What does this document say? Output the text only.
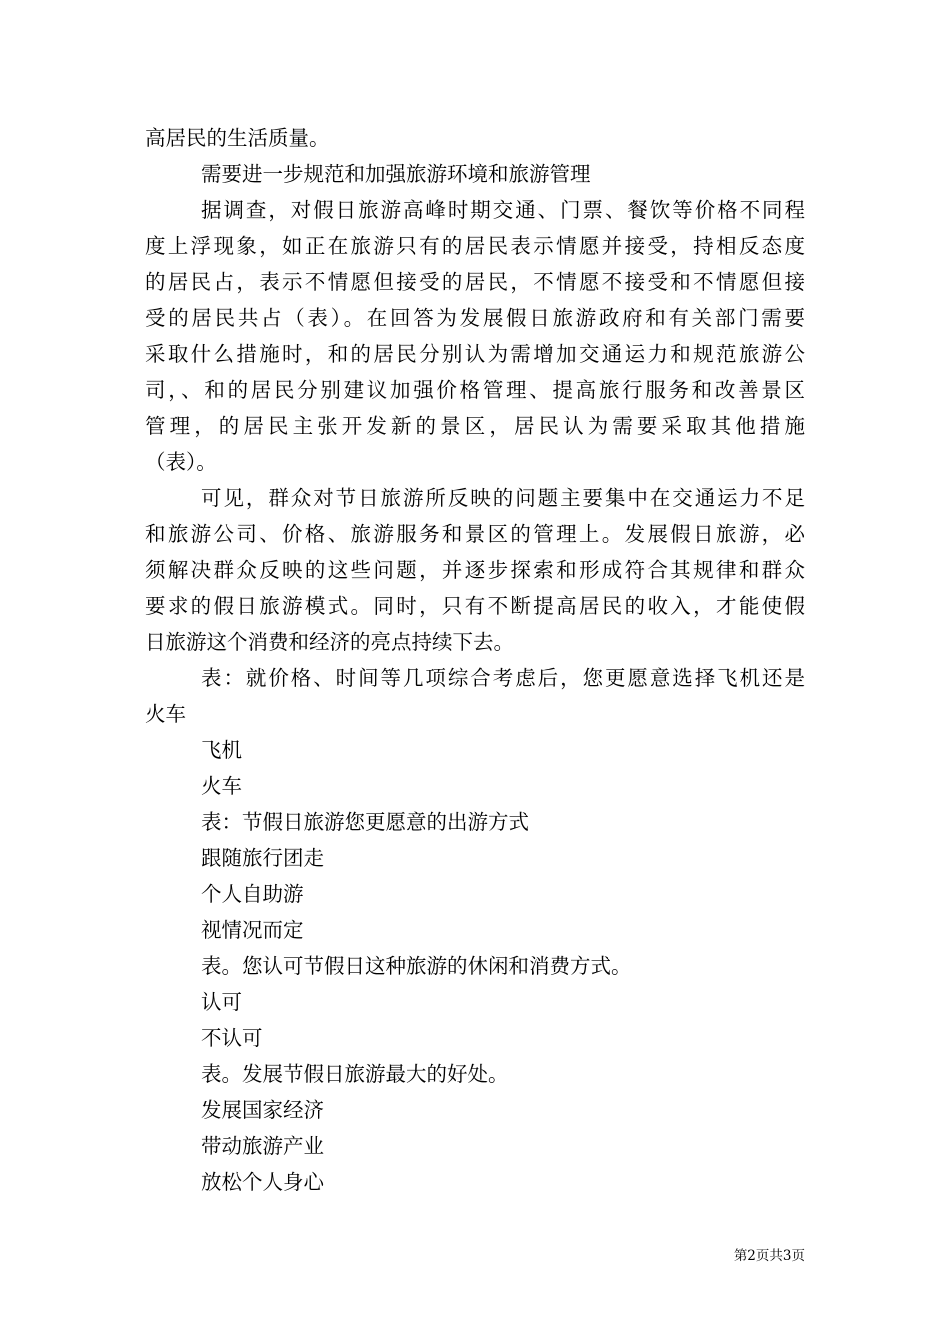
高居民的生活质量。
需要进一步规范和加强旅游环境和旅游管理
据调查，对假日旅游高峰时期交通、门票、餐饮等价格不同程
度上浮现象，如正在旅游只有的居民表示情愿并接受，持相反态度
的居民占，表示不情愿但接受的居民，不情愿不接受和不情愿但接
受的居民共占（表）。在回答为发展假日旅游政府和有关部门需要
采取什么措施时，和的居民分别认为需增加交通运力和规范旅游公
司，、和的居民分别建议加强价格管理、提高旅行服务和改善景区
管理，的居民主张开发新的景区，居民认为需要采取其他措施
（表）。
可见，群众对节日旅游所反映的问题主要集中在交通运力不足
和旅游公司、价格、旅游服务和景区的管理上。发展假日旅游，必
须解决群众反映的这些问题，并逐步探索和形成符合其规律和群众
要求的假日旅游模式。同时，只有不断提高居民的收入，才能使假
日旅游这个消费和经济的亮点持续下去。
表：就价格、时间等几项综合考虑后，您更愿意选择飞机还是
火车
飞机
火车
表：节假日旅游您更愿意的出游方式
跟随旅行团走
个人自助游
视情况而定
表。您认可节假日这种旅游的休闲和消费方式。
认可
不认可
表。发展节假日旅游最大的好处。
发展国家经济
带动旅游产业
放松个人身心
第2页共3页
